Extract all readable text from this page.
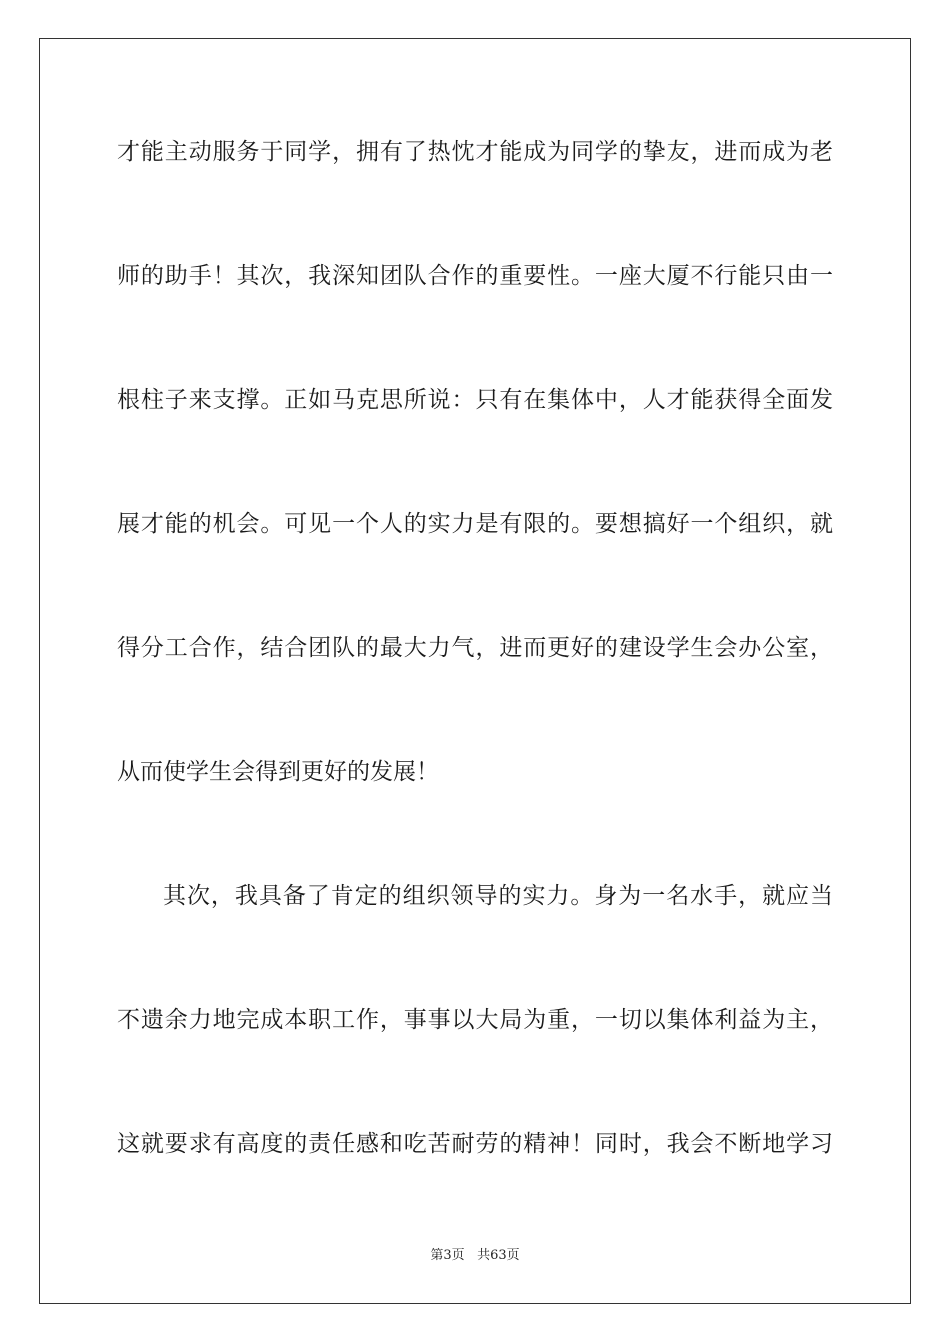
才能主动服务于同学，拥有了热忱才能成为同学的挚友，进而成为老
师的助手！其次，我深知团队合作的重要性。一座大厦不行能只由一
根柱子来支撑。正如马克思所说：只有在集体中，人才能获得全面发
展才能的机会。可见一个人的实力是有限的。要想搞好一个组织，就
得分工合作，结合团队的最大力气，进而更好的建设学生会办公室，
从而使学生会得到更好的发展！
其次，我具备了肯定的组织领导的实力。身为一名水手，就应当
不遗余力地完成本职工作，事事以大局为重，一切以集体利益为主，
这就要求有高度的责任感和吃苦耐劳的精神！同时，我会不断地学习
第3页 共63页
